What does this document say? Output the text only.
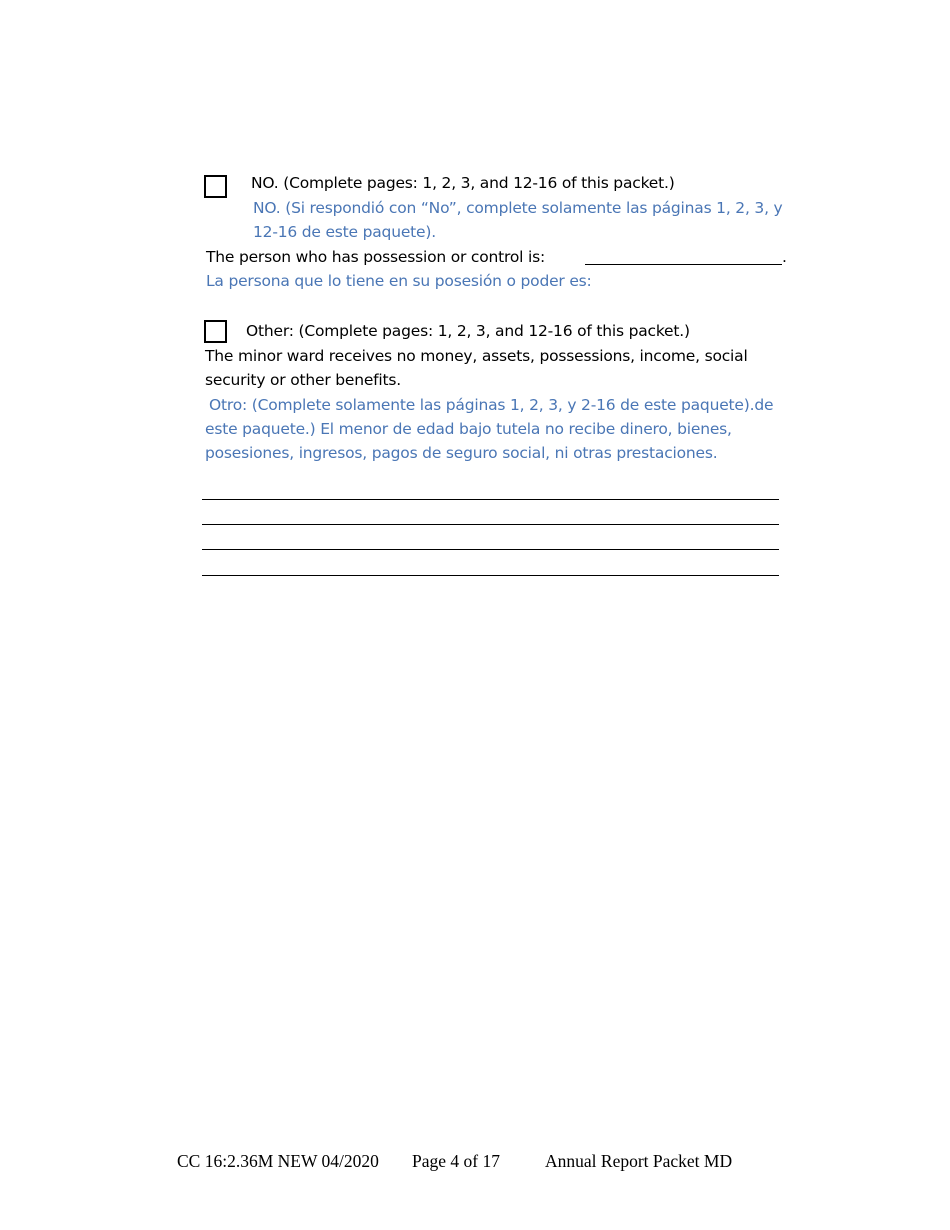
NO. (Complete pages: 1, 2, 3, and 12-16 of this packet.)
NO. (Si respondió con “No”, complete solamente las páginas 1, 2, 3, y
12-16 de este paquete).
The person who has possession or control is:	.
La persona que lo tiene en su posesión o poder es:
Other: (Complete pages: 1, 2, 3, and 12-16 of this packet.)
The minor ward receives no money, assets, possessions, income, social
security or other benefits.
Otro: (Complete solamente las páginas 1, 2, 3, y 2-16 de este paquete).de
este paquete.) El menor de edad bajo tutela no recibe dinero, bienes,
posesiones, ingresos, pagos de seguro social, ni otras prestaciones.
CC 16:2.36M NEW 04/2020 Page 4 of 17	Annual Report Packet MD
